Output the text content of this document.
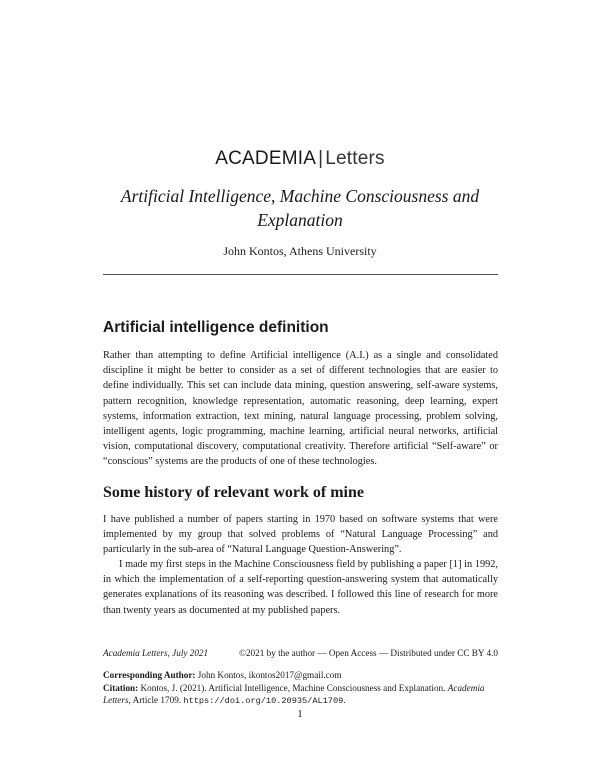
ACADEMIA | Letters
Artificial Intelligence, Machine Consciousness and Explanation
John Kontos, Athens University
Artificial intelligence definition

Rather than attempting to define Artificial intelligence (A.I.) as a single and consolidated discipline it might be better to consider as a set of different technologies that are easier to define individually. This set can include data mining, question answering, self-aware systems, pattern recognition, knowledge representation, automatic reasoning, deep learning, expert systems, information extraction, text mining, natural language processing, problem solving, intelligent agents, logic programming, machine learning, artificial neural networks, artificial vision, computational discovery, computational creativity. Therefore artificial “Self-aware” or “conscious” systems are the products of one of these technologies.

Some history of relevant work of mine

I have published a number of papers starting in 1970 based on software systems that were implemented by my group that solved problems of “Natural Language Processing” and particularly in the sub-area of “Natural Language Question-Answering”.

I made my first steps in the Machine Consciousness field by publishing a paper [1] in 1992, in which the implementation of a self-reporting question-answering system that automatically generates explanations of its reasoning was described. I followed this line of research for more than twenty years as documented at my published papers.

Academia Letters, July 2021	©2021 by the author — Open Access — Distributed under CC BY 4.0
Corresponding Author: John Kontos, ikontos2017@gmail.com
Citation: Kontos, J. (2021). Artificial Intelligence, Machine Consciousness and Explanation. Academia Letters, Article 1709. https://doi.org/10.20935/AL1709.
1
